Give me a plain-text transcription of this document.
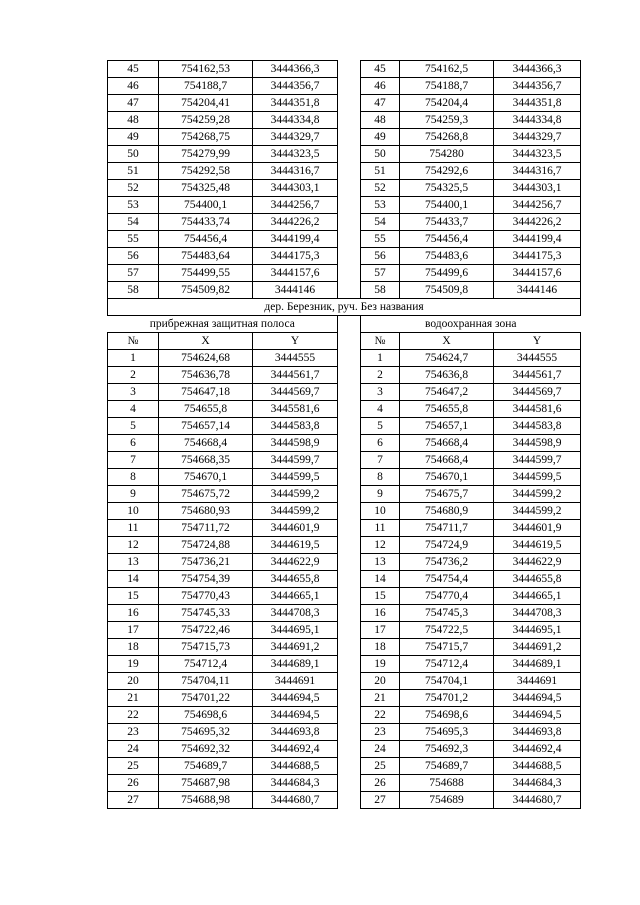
45	754162,53	3444366,3		45	754162,5	3444366,3
46	754188,7	3444356,7		46	754188,7	3444356,7
47	754204,41	3444351,8		47	754204,4	3444351,8
48	754259,28	3444334,8		48	754259,3	3444334,8
49	754268,75	3444329,7		49	754268,8	3444329,7
50	754279,99	3444323,5		50	754280	3444323,5
51	754292,58	3444316,7		51	754292,6	3444316,7
52	754325,48	3444303,1		52	754325,5	3444303,1
53	754400,1	3444256,7		53	754400,1	3444256,7
54	754433,74	3444226,2		54	754433,7	3444226,2
55	754456,4	3444199,4		55	754456,4	3444199,4
56	754483,64	3444175,3		56	754483,6	3444175,3
57	754499,55	3444157,6		57	754499,6	3444157,6
58	754509,82	3444146		58	754509,8	3444146
дер. Березник, руч. Без названия						
прибрежная защитная полоса				водоохранная зона		
№	X	Y		№	X	Y
1	754624,68	3444555		1	754624,7	3444555
2	754636,78	3444561,7		2	754636,8	3444561,7
3	754647,18	3444569,7		3	754647,2	3444569,7
4	754655,8	3445581,6		4	754655,8	3444581,6
5	754657,14	3444583,8		5	754657,1	3444583,8
6	754668,4	3444598,9		6	754668,4	3444598,9
7	754668,35	3444599,7		7	754668,4	3444599,7
8	754670,1	3444599,5		8	754670,1	3444599,5
9	754675,72	3444599,2		9	754675,7	3444599,2
10	754680,93	3444599,2		10	754680,9	3444599,2
11	754711,72	3444601,9		11	754711,7	3444601,9
12	754724,88	3444619,5		12	754724,9	3444619,5
13	754736,21	3444622,9		13	754736,2	3444622,9
14	754754,39	3444655,8		14	754754,4	3444655,8
15	754770,43	3444665,1		15	754770,4	3444665,1
16	754745,33	3444708,3		16	754745,3	3444708,3
17	754722,46	3444695,1		17	754722,5	3444695,1
18	754715,73	3444691,2		18	754715,7	3444691,2
19	754712,4	3444689,1		19	754712,4	3444689,1
20	754704,11	3444691		20	754704,1	3444691
21	754701,22	3444694,5		21	754701,2	3444694,5
22	754698,6	3444694,5		22	754698,6	3444694,5
23	754695,32	3444693,8		23	754695,3	3444693,8
24	754692,32	3444692,4		24	754692,3	3444692,4
25	754689,7	3444688,5		25	754689,7	3444688,5
26	754687,98	3444684,3		26	754688	3444684,3
27	754688,98	3444680,7		27	754689	3444680,7
